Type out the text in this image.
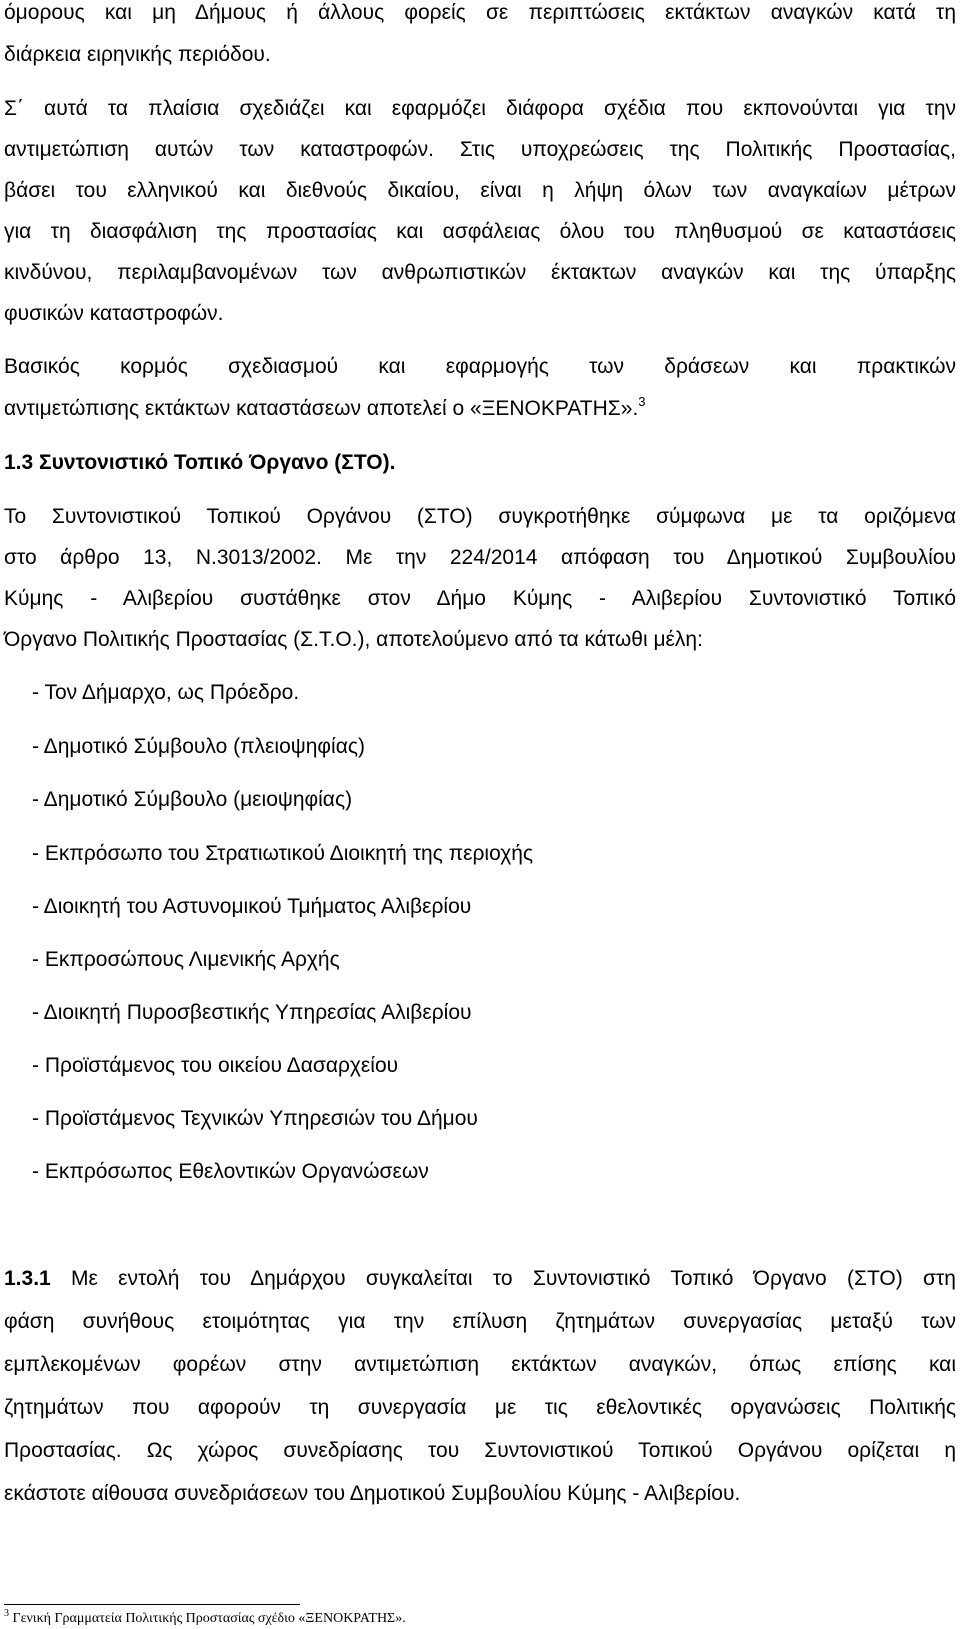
όμορους και μη Δήμους ή άλλους φορείς σε περιπτώσεις εκτάκτων αναγκών κατά τη
διάρκεια ειρηνικής περιόδου.
Σ΄ αυτά τα πλαίσια σχεδιάζει και εφαρμόζει διάφορα σχέδια που εκπονούνται για την
αντιμετώπιση αυτών των καταστροφών. Στις υποχρεώσεις της Πολιτικής Προστασίας,
βάσει του ελληνικού και διεθνούς δικαίου, είναι η λήψη όλων των αναγκαίων μέτρων
για τη διασφάλιση της προστασίας και ασφάλειας όλου του πληθυσμού σε καταστάσεις
κινδύνου, περιλαμβανομένων των ανθρωπιστικών έκτακτων αναγκών και της ύπαρξης
φυσικών καταστροφών.
Βασικός κορμός σχεδιασμού και εφαρμογής των δράσεων και πρακτικών
αντιμετώπισης εκτάκτων καταστάσεων αποτελεί ο «ΞΕΝΟΚΡΑΤΗΣ».$^3$
1.3 Συντονιστικό Τοπικό Όργανο (ΣΤΟ).
Το Συντονιστικού Τοπικού Οργάνου (ΣΤΟ) συγκροτήθηκε σύμφωνα με τα οριζόμενα
στο άρθρο 13, Ν.3013/2002. Με την 224/2014 απόφαση του Δημοτικού Συμβουλίου
Κύμης - Αλιβερίου συστάθηκε στον Δήμο Κύμης - Αλιβερίου Συντονιστικό Τοπικό
Όργανο Πολιτικής Προστασίας (Σ.Τ.Ο.), αποτελούμενο από τα κάτωθι μέλη:
- Τον Δήμαρχο, ως Πρόεδρο.
- Δημοτικό Σύμβουλο (πλειοψηφίας)
- Δημοτικό Σύμβουλο (μειοψηφίας)
- Εκπρόσωπο του Στρατιωτικού Διοικητή της περιοχής
- Διοικητή του Αστυνομικού Τμήματος Αλιβερίου
- Εκπροσώπους Λιμενικής Αρχής
- Διοικητή Πυροσβεστικής Υπηρεσίας Αλιβερίου
- Προϊστάμενος του οικείου Δασαρχείου
- Προϊστάμενος Τεχνικών Υπηρεσιών του Δήμου
- Εκπρόσωπος Εθελοντικών Οργανώσεων
1.3.1 Με εντολή του Δημάρχου συγκαλείται το Συντονιστικό Τοπικό Όργανο (ΣΤΟ) στη
φάση συνήθους ετοιμότητας για την επίλυση ζητημάτων συνεργασίας μεταξύ των
εμπλεκομένων φορέων στην αντιμετώπιση εκτάκτων αναγκών, όπως επίσης και
ζητημάτων που αφορούν τη συνεργασία με τις εθελοντικές οργανώσεις Πολιτικής
Προστασίας. Ως χώρος συνεδρίασης του Συντονιστικού Τοπικού Οργάνου ορίζεται η
εκάστοτε αίθουσα συνεδριάσεων του Δημοτικού Συμβουλίου Κύμης - Αλιβερίου.
$^3$ Γενική Γραμματεία Πολιτικής Προστασίας σχέδιο «ΞΕΝΟΚΡΑΤΗΣ».
